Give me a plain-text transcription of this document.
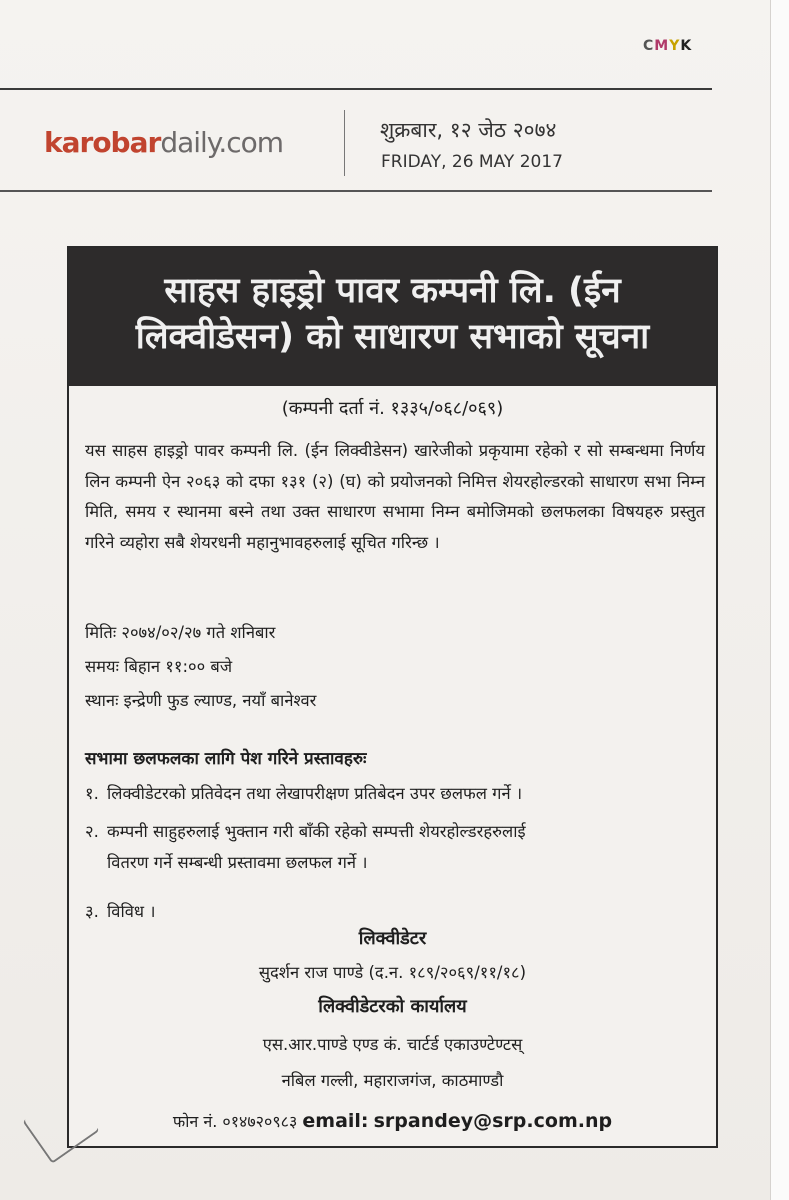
CMYK
karobardaily.com	शुक्रबार, १२ जेठ २०७४
FRIDAY, 26 MAY 2017
साहस हाइड्रो पावर कम्पनी लि. (ईन
लिक्वीडेसन) को साधारण सभाको सूचना
(कम्पनी दर्ता नं. १३३५/०६८/०६९)
यस साहस हाइड्रो पावर कम्पनी लि. (ईन लिक्वीडेसन) खारेजीको प्रकृयामा रहेको र सो सम्बन्धमा निर्णय लिन कम्पनी ऐन २०६३ को दफा १३१ (२) (घ) को प्रयोजनको निमित्त शेयरहोल्डरको साधारण सभा निम्न मिति, समय र स्थानमा बस्ने तथा उक्त साधारण सभामा निम्न बमोजिमको छलफलका विषयहरु प्रस्तुत गरिने व्यहोरा सबै शेयरधनी महानुभावहरुलाई सूचित गरिन्छ ।
मितिः २०७४/०२/२७ गते शनिबार
समयः बिहान ११:०० बजे
स्थानः इन्द्रेणी फुड ल्याण्ड, नयाँ बानेश्वर
सभामा छलफलका लागि पेश गरिने प्रस्तावहरुः
१. लिक्वीडेटरको प्रतिवेदन तथा लेखापरीक्षण प्रतिबेदन उपर छलफल गर्ने ।
२. कम्पनी साहुहरुलाई भुक्तान गरी बाँकी रहेको सम्पत्ती शेयरहोल्डरहरुलाई
वितरण गर्ने सम्बन्धी प्रस्तावमा छलफल गर्ने ।
३. विविध ।
लिक्वीडेटर
सुदर्शन राज पाण्डे (द.न. १८९/२०६९/११/१८)
लिक्वीडेटरको कार्यालय
एस.आर.पाण्डे एण्ड कं. चार्टर्ड एकाउण्टेण्टस्
नबिल गल्ली, महाराजगंज, काठमाण्डौ
फोन नं. ०१४७२०९८३ email: srpandey@srp.com.np
